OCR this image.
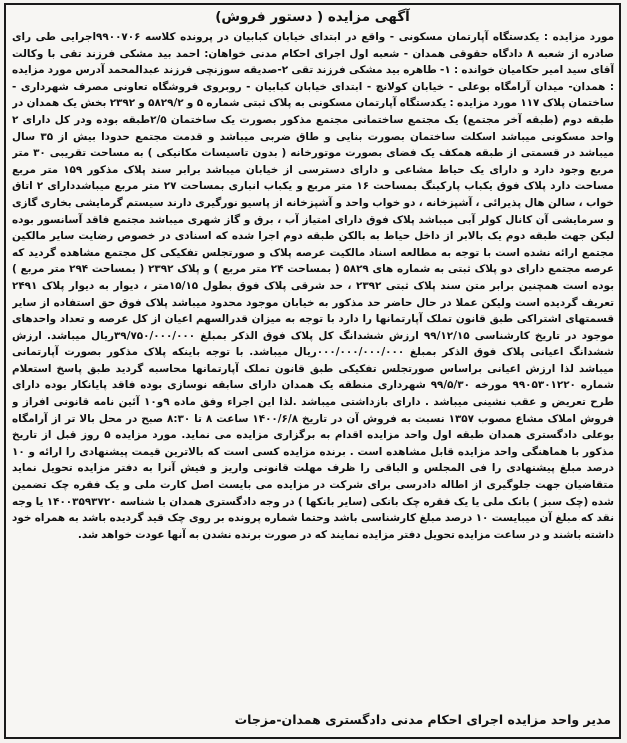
آگهی مزایده ( دستور فروش)
مورد مزایده : یکدستگاه آپارتمان مسکونی - واقع در ابتدای خیابان کبابیان در پرونده کلاسه ۹۹۰۰۷۰۶اجرایی طی رای صادره از شعبه ۸ دادگاه حقوقی همدان - شعبه اول اجرای احکام مدنی خواهان: احمد بید مشکی فرزند تقی با وکالت آقای سید امیر حکامیان خوانده : ۱- طاهره بید مشکی فرزند تقی ۲-صدیقه سوزنچی فرزند عبدالمحمد آدرس مورد مزایده : همدان- میدان آرامگاه بوعلی - خیابان کولانچ - ابتدای خیابان کبابیان - روبروی فروشگاه تعاونی مصرف شهرداری - ساختمان پلاک ۱۱۷ مورد مزایده : یکدستگاه آپارتمان مسکونی به پلاک ثبتی شماره ۵ و ۵۸۲۹/۲ و ۲۳۹۲ بخش یک همدان در طبقه دوم (طبقه آخر مجتمع) یک مجتمع ساختمانی مجتمع مذکور بصورت یک ساختمان ۲/۵طبقه بوده ودر کل دارای ۲ واحد مسکونی میباشد اسکلت ساختمان بصورت بنایی و طاق ضربی میباشد و قدمت مجتمع حدودا بیش از ۳۵ سال میباشد در قسمتی از طبقه همکف یک فضای بصورت موتورخانه ( بدون تاسیسات مکانیکی ) به مساحت تقریبی ۳۰ متر مربع وجود دارد و دارای یک حیاط مشاعی و دارای دسترسی از خیابان میباشد برابر سند پلاک مذکور ۱۵۹ متر مربع مساحت دارد پلاک فوق یکباب پارکینگ بمساحت ۱۶ متر مربع و یکباب انباری بمساحت ۲۷ متر مربع میباشددارای ۲ اتاق خواب ، سالن هال پذیرائی ، آشپزخانه ، دو خواب واحد و آشپزخانه از پاسیو نورگیری دارند سیستم گرمایشی بخاری گازی و سرمایشی آن کانال کولر آبی میباشد پلاک فوق دارای امتیاز آب ، برق و گاز شهری میباشد مجتمع فاقد آسانسور بوده لیکن جهت طبقه دوم یک بالابر از داخل حیاط به بالکن طبقه دوم اجرا شده که اسنادی در خصوص رضایت سایر مالکین مجتمع ارائه نشده است با توجه به مطالعه اسناد مالکیت عرصه پلاک و صورتجلس تفکیکی کل مجتمع مشاهده گردید که عرصه مجتمع دارای دو پلاک ثبتی به شماره های ۵۸۲۹ ( بمساحت ۲۴ متر مربع ) و پلاک ۲۳۹۲ ( بمساحت ۲۹۴ متر مربع ) بوده است همچنین برابر متن سند پلاک ثبتی ۲۳۹۲ ، حد شرقی پلاک فوق بطول ۱۵/۱۵متر ، دیوار به دیوار پلاک ۲۴۹۱ تعریف گردیده است ولیکن عملا در حال حاضر حد مذکور به خیابان موجود محدود میباشد پلاک فوق حق استفاده از سایر قسمتهای اشتراکی طبق قانون تملک آپارتمانها را دارد با توجه به میزان قدرالسهم اعیان از کل عرصه و تعداد واحدهای موجود در تاریخ کارشناسی ۹۹/۱۲/۱۵ ارزش ششدانگ کل پلاک فوق الذکر بمبلغ ۳۹/۷۵۰/۰۰۰/۰۰۰ریال میباشد. ارزش ششدانگ اعیانی پلاک فوق الذکر بمبلغ ۰۰۰/۰۰۰/۰۰۰/۰۰۰ریال میباشد. با توجه باینکه پلاک مذکور بصورت آپارتمانی میباشد لذا ارزش اعیانی براساس صورتجلس تفکیکی طبق قانون تملک آپارتمانها محاسبه گردید طبق پاسخ استعلام شماره ۹۹۰۵۳۰۱۲۲۰ مورخه ۹۹/۵/۳۰ شهرداری منطقه یک همدان دارای سابقه نوسازی بوده فاقد پایانکار بوده دارای طرح تعریض و عقب نشینی میباشد . دارای بازداشتی میباشد .لذا این اجراء وفق ماده ۹و۱۰ آئین نامه قانونی افراز و فروش املاک مشاع مصوب ۱۳۵۷ نسبت به فروش آن در تاریخ ۱۴۰۰/۶/۸ ساعت ۸ تا ۸:۳۰ صبح در محل بالا تر از آرامگاه بوعلی دادگستری همدان طبقه اول واحد مزایده اقدام به برگزاری مزایده می نماید. مورد مزایده ۵ روز قبل از تاریخ مذکور با هماهنگی واحد مزایده قابل مشاهده است . برنده مزایده کسی است که بالاترین قیمت پیشنهادی را ارائه و ۱۰ درصد مبلغ پیشنهادی را فی المجلس و الباقی را ظرف مهلت قانونی واریز و فیش آنرا به دفتر مزایده تحویل نماید متقاضیان جهت جلوگیری از اطاله دادرسی برای شرکت در مزایده می بایست اصل کارت ملی و یک فقره چک تضمین شده (چک سبز ) بانک ملی یا یک فقره چک بانکی (سایر بانکها ) در وجه دادگستری همدان با شناسه ۱۴۰۰۳۵۹۳۷۲۰ یا وجه نقد که مبلغ آن میبایست ۱۰ درصد مبلغ کارشناسی باشد وحتما شماره پرونده بر روی چک قید گردیده باشد به همراه خود داشته باشند و در ساعت مزایده تحویل دفتر مزایده نمایند که در صورت برنده نشدن به آنها عودت خواهد شد.
مدیر واحد مزایده اجرای احکام مدنی دادگستری همدان-مزجات
